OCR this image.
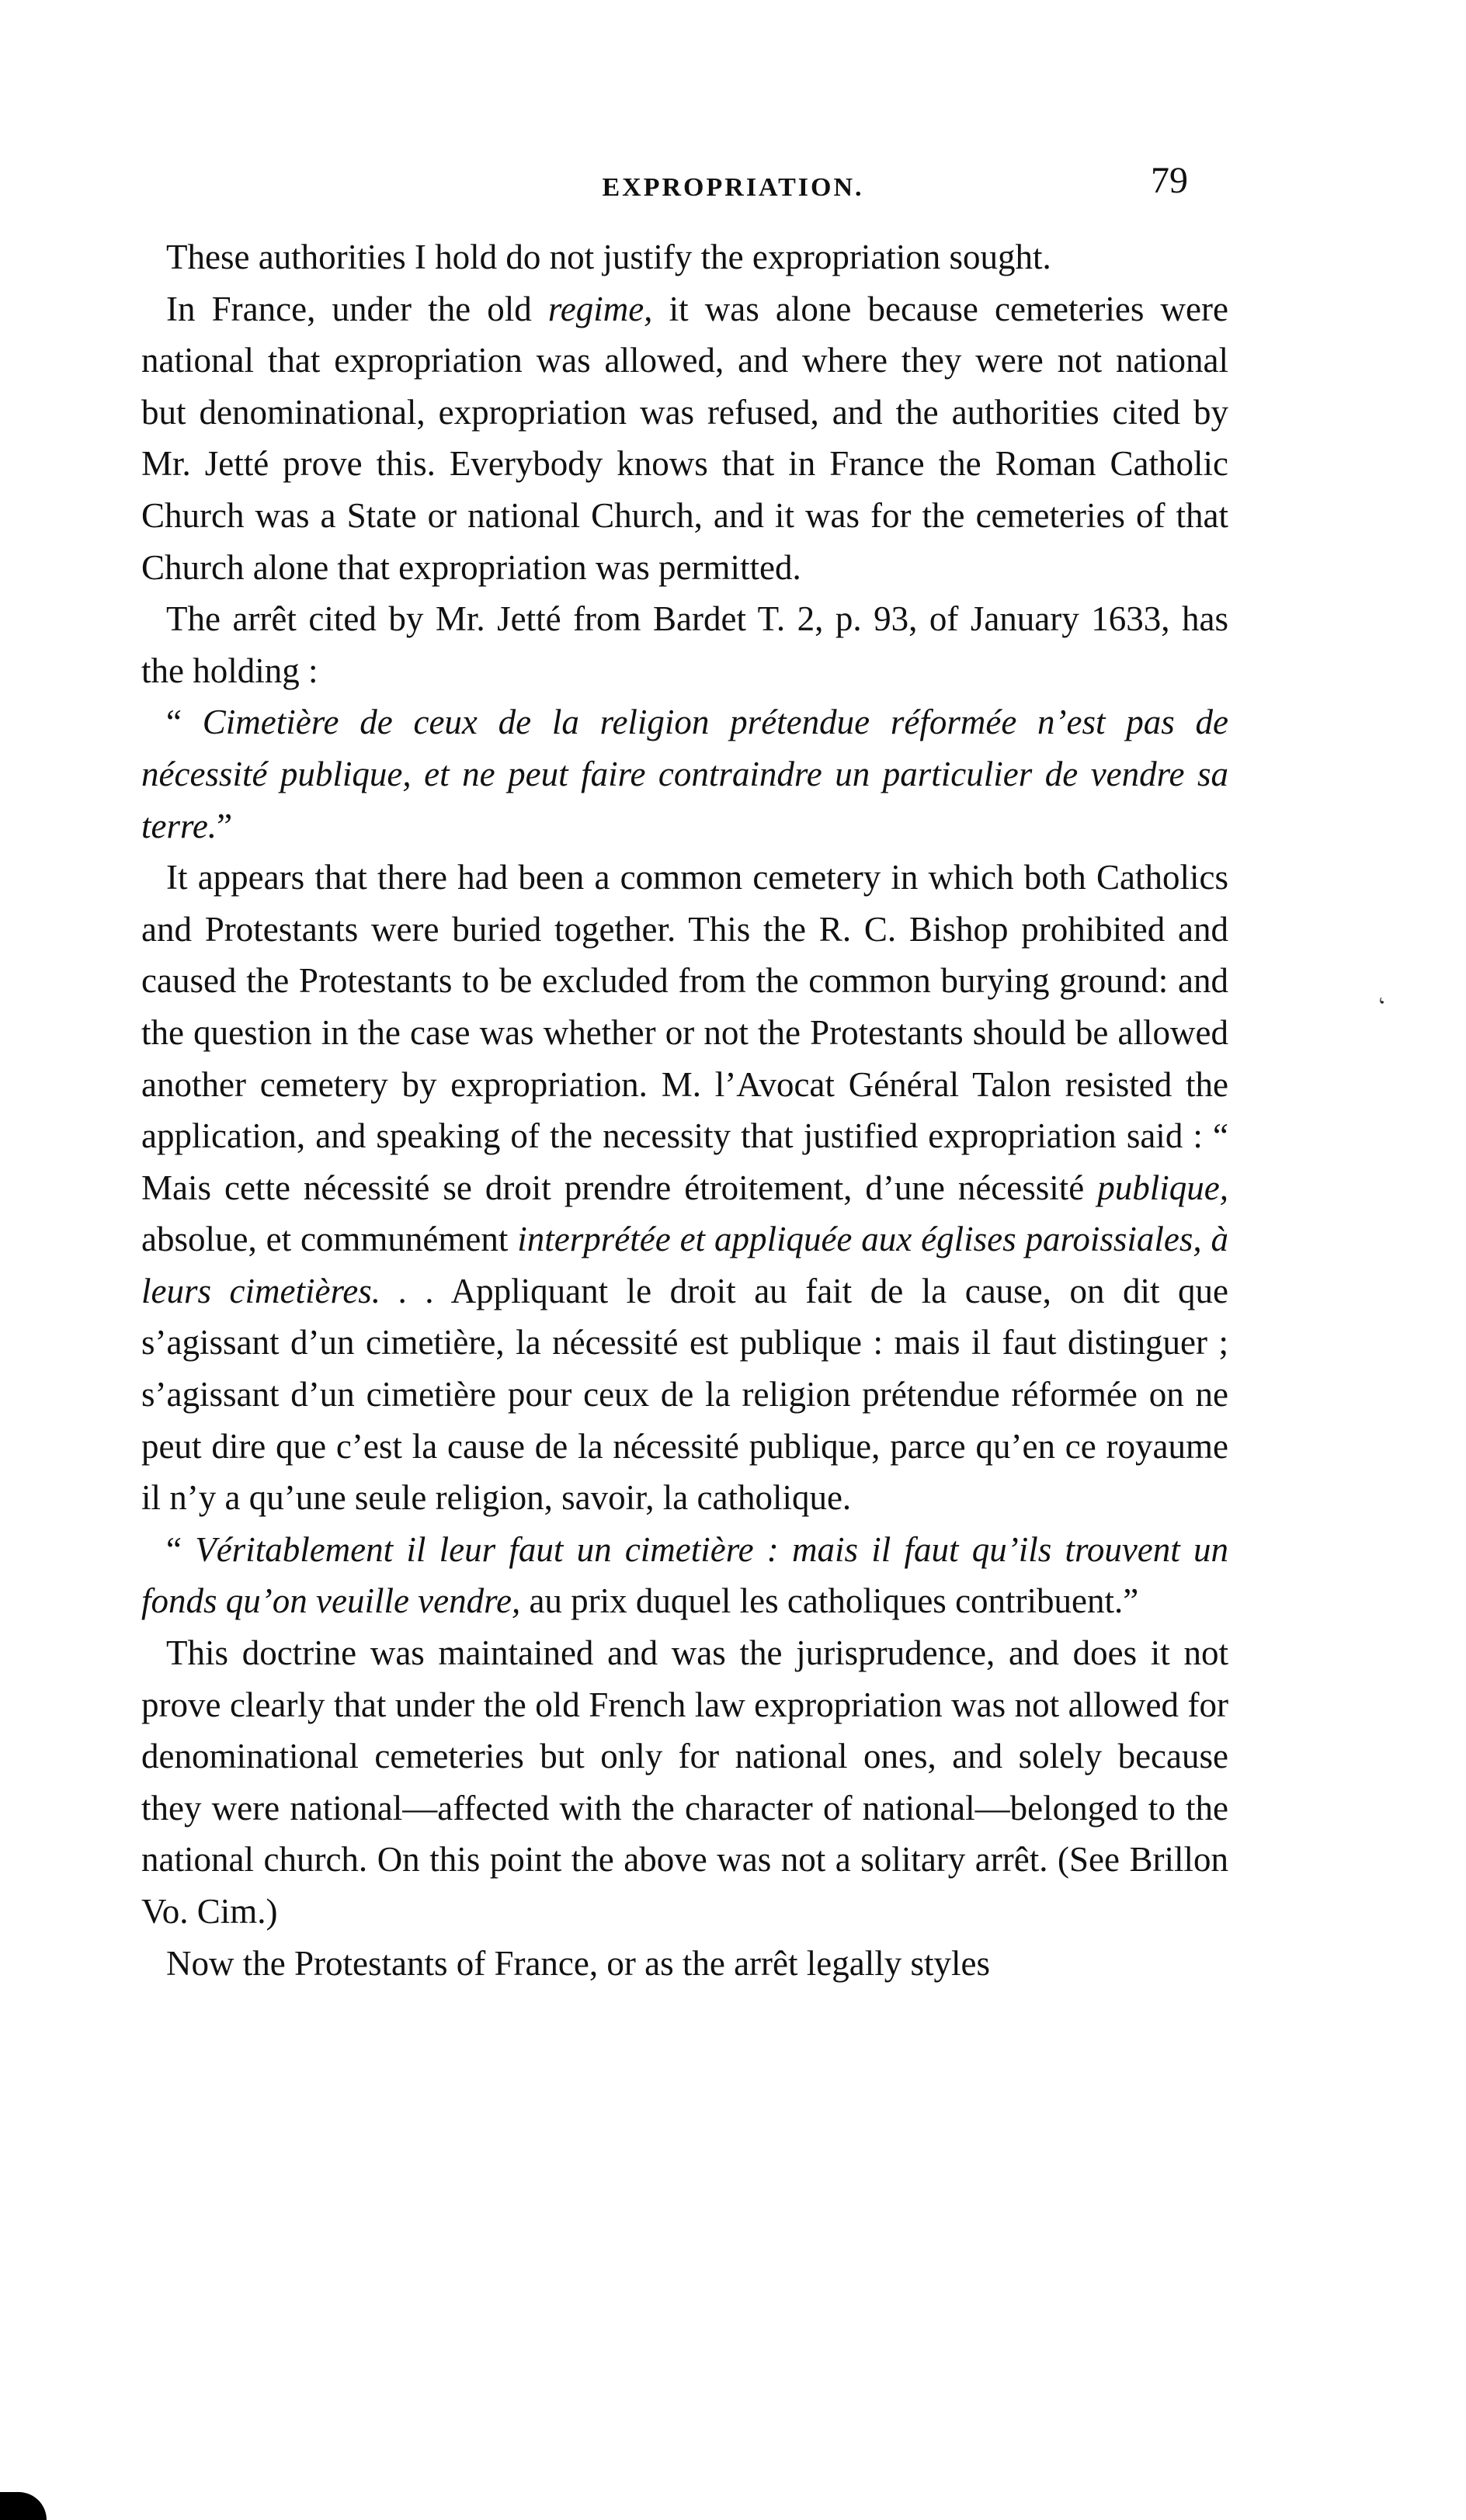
EXPROPRIATION.	79

These authorities I hold do not justify the expropriation sought.

In France, under the old regime, it was alone because cemeteries were national that expropriation was allowed, and where they were not national but denominational, expropriation was refused, and the authorities cited by Mr. Jetté prove this. Everybody knows that in France the Roman Catholic Church was a State or national Church, and it was for the cemeteries of that Church alone that expropriation was permitted.

The arrêt cited by Mr. Jetté from Bardet T. 2, p. 93, of January 1633, has the holding :

“ Cimetière de ceux de la religion prétendue réformée n’est pas de nécessité publique, et ne peut faire contraindre un particulier de vendre sa terre.”

It appears that there had been a common cemetery in which both Catholics and Protestants were buried together. This the R. C. Bishop prohibited and caused the Protestants to be excluded from the common burying ground: and the question in the case was whether or not the Protestants should be allowed another cemetery by expropriation. M. l’Avocat Général Talon resisted the application, and speaking of the necessity that justified expropriation said : “ Mais cette nécessité se droit prendre étroitement, d’une nécessité publique, absolue, et communément interprétée et appliquée aux églises paroissiales, à leurs cimetières. . . Appliquant le droit au fait de la cause, on dit que s’agissant d’un cimetière, la nécessité est publique : mais il faut distinguer ; s’agissant d’un cimetière pour ceux de la religion prétendue réformée on ne peut dire que c’est la cause de la nécessité publique, parce qu’en ce royaume il n’y a qu’une seule religion, savoir, la catholique.

“ Véritablement il leur faut un cimetière : mais il faut qu’ils trouvent un fonds qu’on veuille vendre, au prix duquel les catholiques contribuent.”

This doctrine was maintained and was the jurisprudence, and does it not prove clearly that under the old French law expropriation was not allowed for denominational cemeteries but only for national ones, and solely because they were national—affected with the character of national—belonged to the national church. On this point the above was not a solitary arrêt. (See Brillon Vo. Cim.)

Now the Protestants of France, or as the arrêt legally styles

‘
